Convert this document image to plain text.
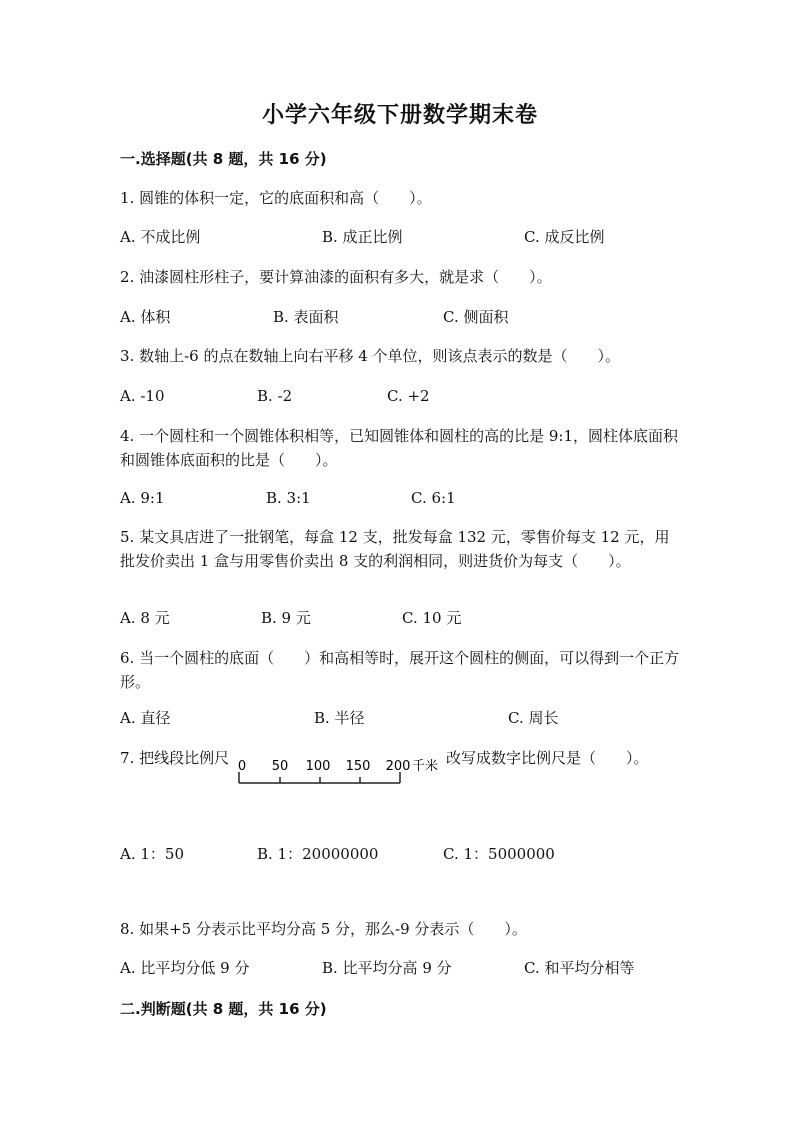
小学六年级下册数学期末卷
一.选择题(共 8 题，共 16 分)
1. 圆锥的体积一定，它的底面积和高（　　）。
A. 不成比例	B. 成正比例	C. 成反比例
2. 油漆圆柱形柱子，要计算油漆的面积有多大，就是求（　　）。
A. 体积	B. 表面积	C. 侧面积
3. 数轴上-6 的点在数轴上向右平移 4 个单位，则该点表示的数是（　　）。
A. -10	B. -2	C. +2
4. 一个圆柱和一个圆锥体积相等，已知圆锥体和圆柱的高的比是 9:1，圆柱体底面积和圆锥体底面积的比是（　　）。
A. 9:1	B. 3:1	C. 6:1
5. 某文具店进了一批钢笔，每盒 12 支，批发每盒 132 元，零售价每支 12 元，用批发价卖出 1 盒与用零售价卖出 8 支的利润相同，则进货价为每支（　　）。
A. 8 元	B. 9 元	C. 10 元
6. 当一个圆柱的底面（　　）和高相等时，展开这个圆柱的侧面，可以得到一个正方形。
A. 直径	B. 半径	C. 周长
7. 把线段比例尺 0 50 100 150 200 千米 改写成数字比例尺是（　　）。
A. 1：50	B. 1：20000000	C. 1：5000000
8. 如果+5 分表示比平均分高 5 分，那么-9 分表示（　　）。
A. 比平均分低 9 分	B. 比平均分高 9 分	C. 和平均分相等
二.判断题(共 8 题，共 16 分)
